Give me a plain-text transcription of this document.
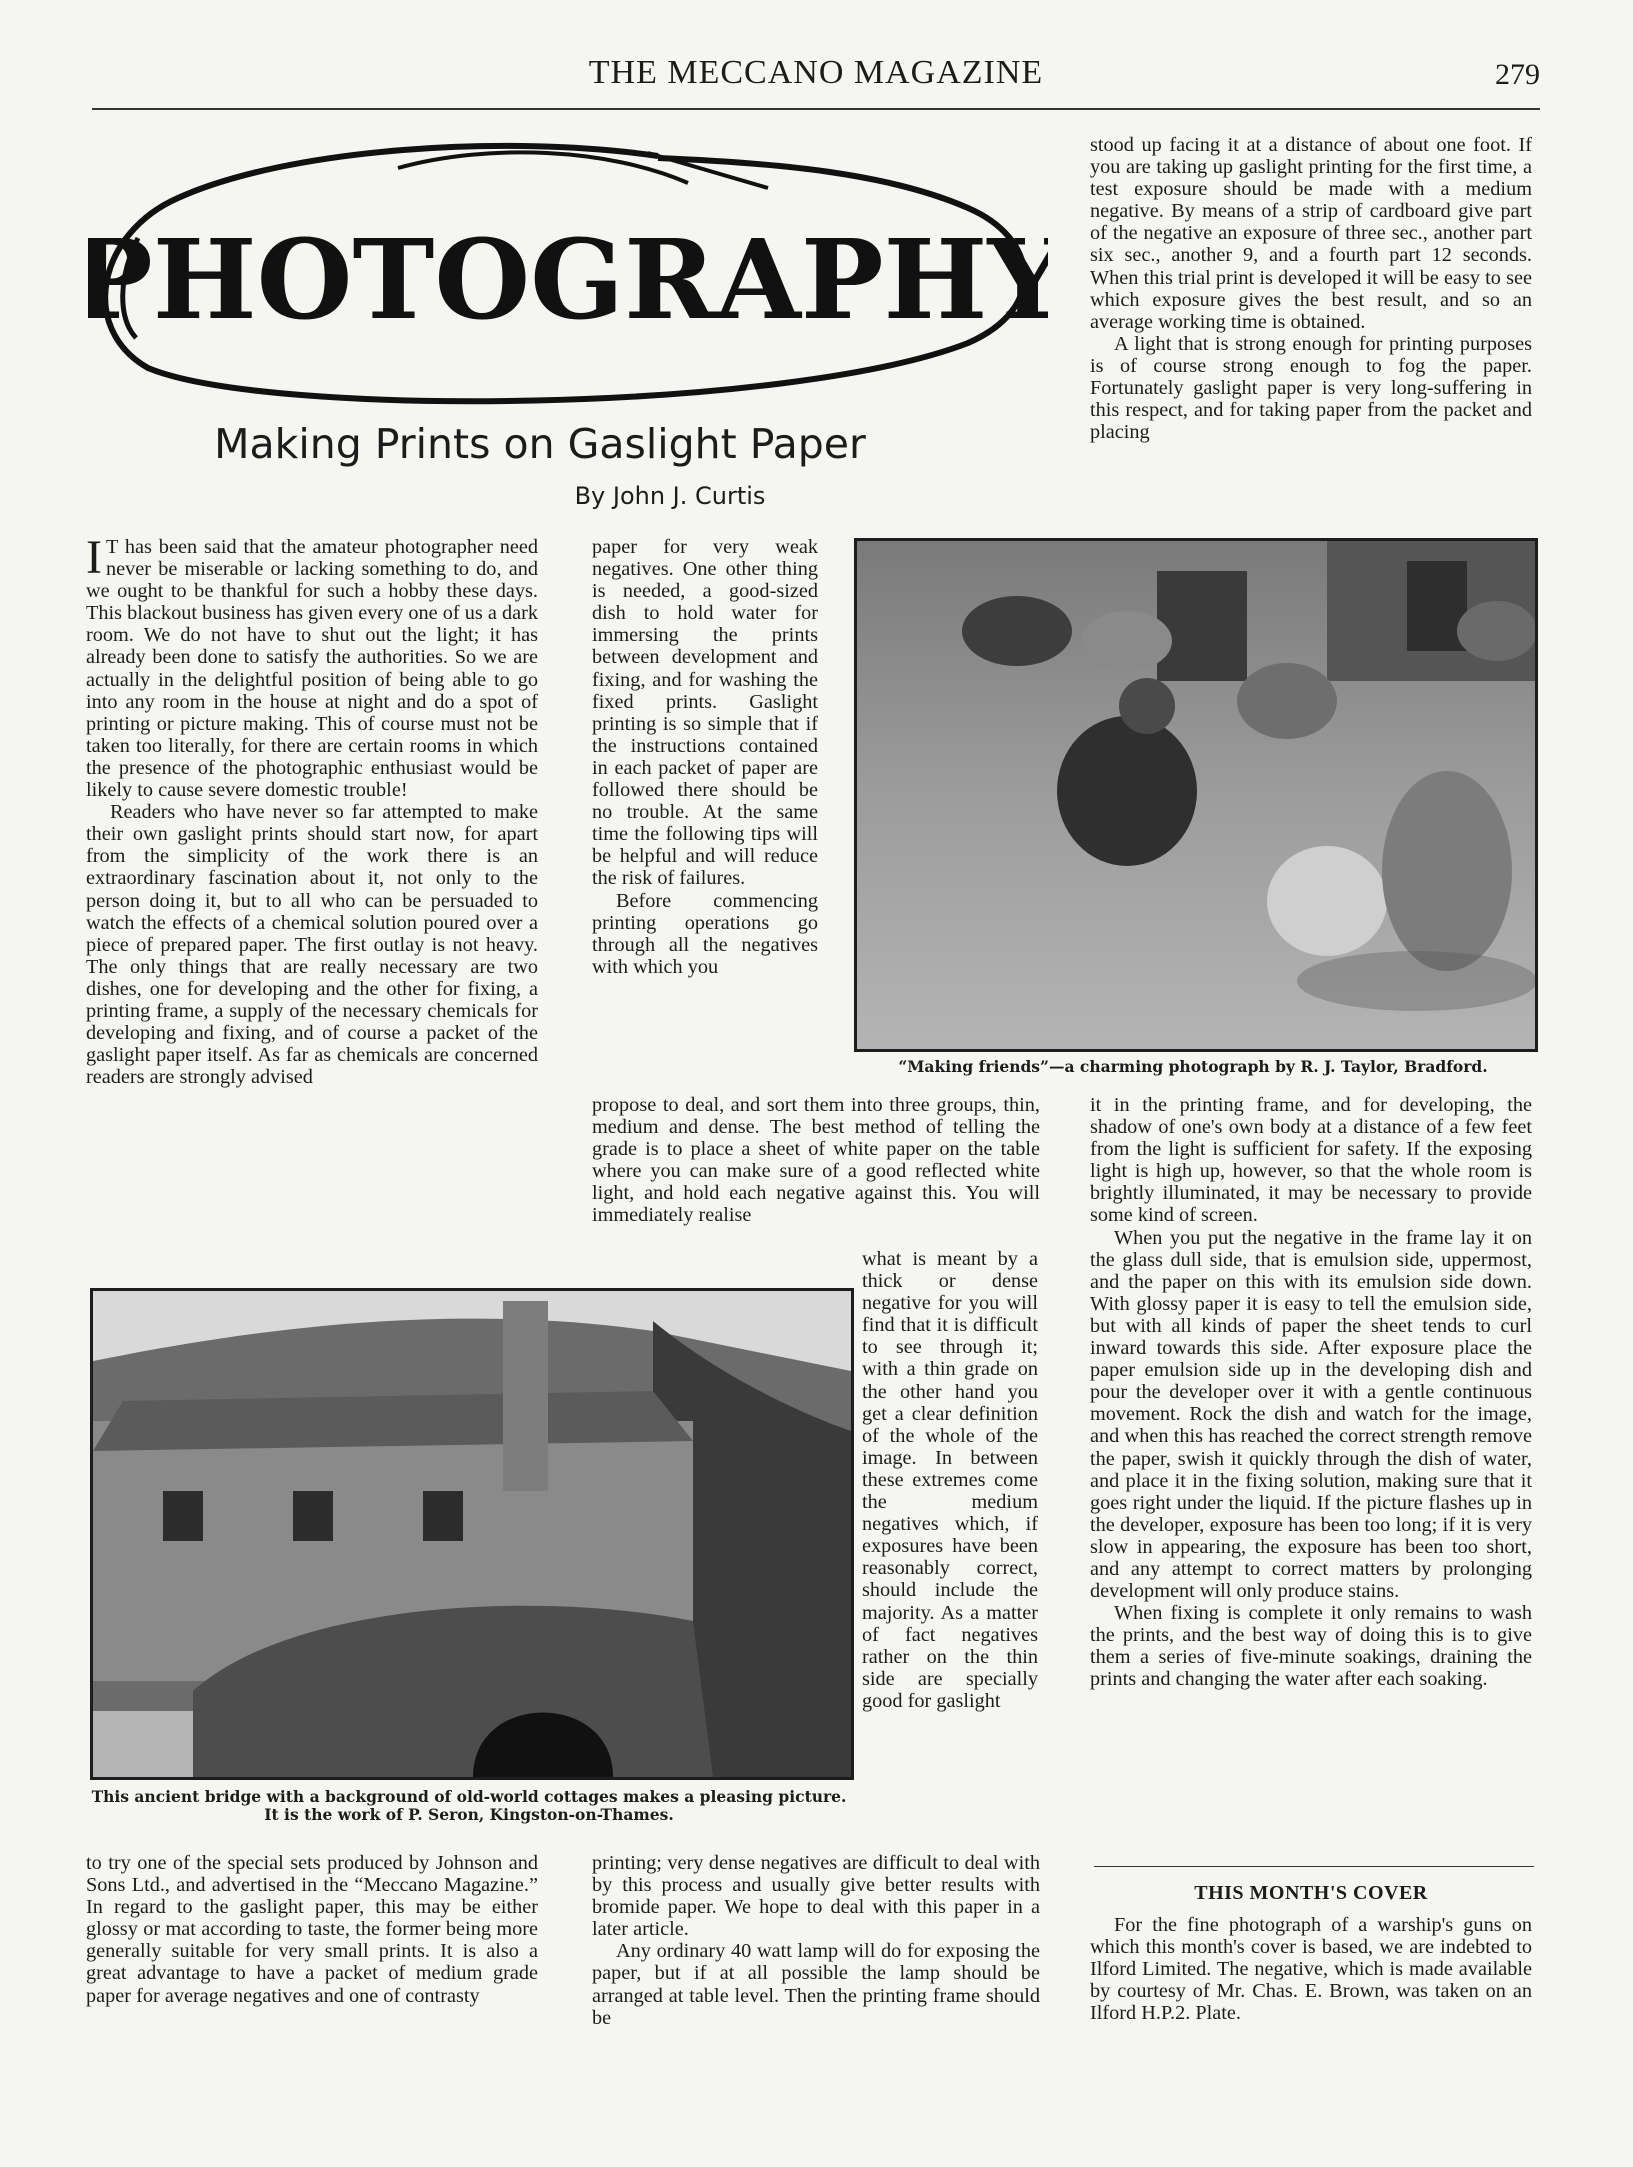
THE MECCANO MAGAZINE	279
PHOTOGRAPHY
Making Prints on Gaslight Paper
By John J. Curtis

I T has been said that the amateur photographer need never be miserable or lacking something to do, and we ought to be thankful for such a hobby these days. This blackout business has given every one of us a dark room. We do not have to shut out the light; it has already been done to satisfy the authorities. So we are actually in the delightful position of being able to go into any room in the house at night and do a spot of printing or picture making. This of course must not be taken too literally, for there are certain rooms in which the presence of the photographic enthusiast would be likely to cause severe domestic trouble!

Readers who have never so far attempted to make their own gaslight prints should start now, for apart from the simplicity of the work there is an extraordinary fascination about it, not only to the person doing it, but to all who can be persuaded to watch the effects of a chemical solution poured over a piece of prepared paper. The first outlay is not heavy. The only things that are really necessary are two dishes, one for developing and the other for fixing, a printing frame, a supply of the necessary chemicals for developing and fixing, and of course a packet of the gaslight paper itself. As far as chemicals are concerned readers are strongly advised

paper for very weak negatives. One other thing is needed, a good-sized dish to hold water for immersing the prints between development and fixing, and for washing the fixed prints. Gaslight printing is so simple that if the instructions contained in each packet of paper are followed there should be no trouble. At the same time the following tips will be helpful and will reduce the risk of failures.

Before commencing printing operations go through all the negatives with which you

stood up facing it at a distance of about one foot. If you are taking up gaslight printing for the first time, a test exposure should be made with a medium negative. By means of a strip of cardboard give part of the negative an exposure of three sec., another part six sec., another 9, and a fourth part 12 seconds. When this trial print is developed it will be easy to see which exposure gives the best result, and so an average working time is obtained.

A light that is strong enough for printing purposes is of course strong enough to fog the paper. Fortunately gaslight paper is very long-suffering in this respect, and for taking paper from the packet and placing

“Making friends”—a charming photograph by R. J. Taylor, Bradford.

propose to deal, and sort them into three groups, thin, medium and dense. The best method of telling the grade is to place a sheet of white paper on the table where you can make sure of a good reflected white light, and hold each negative against this. You will immediately realise

This ancient bridge with a background of old-world cottages makes a pleasing picture.
It is the work of P. Seron, Kingston-on-Thames.

what is meant by a thick or dense negative for you will find that it is difficult to see through it; with a thin grade on the other hand you get a clear definition of the whole of the image. In between these extremes come the medium negatives which, if exposures have been reasonably correct, should include the majority. As a matter of fact negatives rather on the thin side are specially good for gaslight

to try one of the special sets produced by Johnson and Sons Ltd., and advertised in the “Meccano Magazine.” In regard to the gaslight paper, this may be either glossy or mat according to taste, the former being more generally suitable for very small prints. It is also a great advantage to have a packet of medium grade paper for average negatives and one of contrasty

printing; very dense negatives are difficult to deal with by this process and usually give better results with bromide paper. We hope to deal with this paper in a later article.

Any ordinary 40 watt lamp will do for exposing the paper, but if at all possible the lamp should be arranged at table level. Then the printing frame should be

it in the printing frame, and for developing, the shadow of one's own body at a distance of a few feet from the light is sufficient for safety. If the exposing light is high up, however, so that the whole room is brightly illuminated, it may be necessary to provide some kind of screen.

When you put the negative in the frame lay it on the glass dull side, that is emulsion side, uppermost, and the paper on this with its emulsion side down. With glossy paper it is easy to tell the emulsion side, but with all kinds of paper the sheet tends to curl inward towards this side. After exposure place the paper emulsion side up in the developing dish and pour the developer over it with a gentle continuous movement. Rock the dish and watch for the image, and when this has reached the correct strength remove the paper, swish it quickly through the dish of water, and place it in the fixing solution, making sure that it goes right under the liquid. If the picture flashes up in the developer, exposure has been too long; if it is very slow in appearing, the exposure has been too short, and any attempt to correct matters by prolonging development will only produce stains.

When fixing is complete it only remains to wash the prints, and the best way of doing this is to give them a series of five-minute soakings, draining the prints and changing the water after each soaking.

THIS MONTH'S COVER

For the fine photograph of a warship's guns on which this month's cover is based, we are indebted to Ilford Limited. The negative, which is made available by courtesy of Mr. Chas. E. Brown, was taken on an Ilford H.P.2. Plate.
